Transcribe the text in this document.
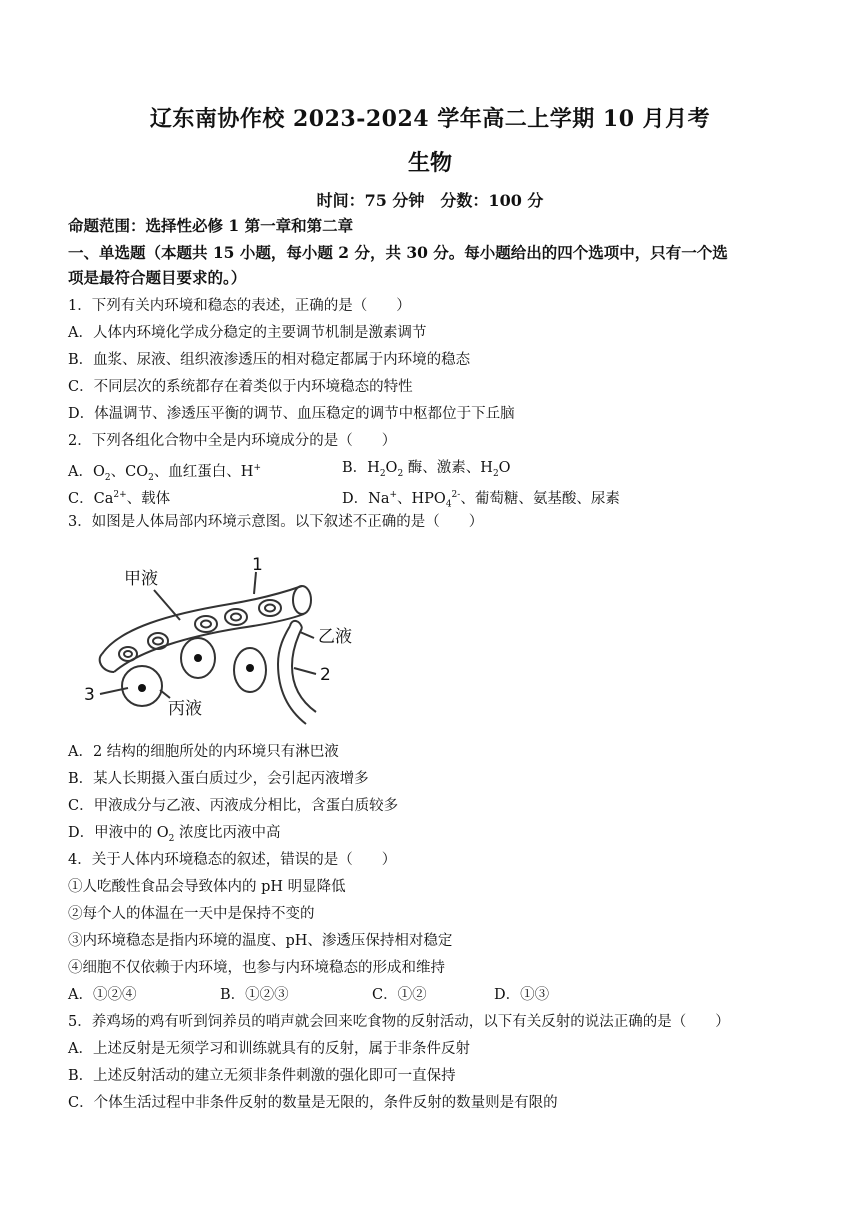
辽东南协作校 2023-2024 学年高二上学期 10 月月考
生物
时间：75 分钟　分数：100 分
命题范围：选择性必修 1 第一章和第二章
一、单选题（本题共 15 小题，每小题 2 分，共 30 分。每小题给出的四个选项中，只有一个选
项是最符合题目要求的。）
1．下列有关内环境和稳态的表述，正确的是（　　）
A．人体内环境化学成分稳定的主要调节机制是激素调节
B．血浆、尿液、组织液渗透压的相对稳定都属于内环境的稳态
C．不同层次的系统都存在着类似于内环境稳态的特性
D．体温调节、渗透压平衡的调节、血压稳定的调节中枢都位于下丘脑
2．下列各组化合物中全是内环境成分的是（　　）
A．$O_2$、$CO_2$、血红蛋白、H+	B．$H_2O_2$ 酶、激素、$H_2O$
C．$Ca^{2+}$、载体	D．Na+、$HPO_4^{2-}$、葡萄糖、氨基酸、尿素
3．如图是人体局部内环境示意图。以下叙述不正确的是（　　）
甲液
1
乙液
2
3
丙液
A．2 结构的细胞所处的内环境只有淋巴液
B．某人长期摄入蛋白质过少，会引起丙液增多
C．甲液成分与乙液、丙液成分相比，含蛋白质较多
D．甲液中的 $O_2$ 浓度比丙液中高
4．关于人体内环境稳态的叙述，错误的是（　　）
①人吃酸性食品会导致体内的 pH 明显降低
②每个人的体温在一天中是保持不变的
③内环境稳态是指内环境的温度、pH、渗透压保持相对稳定
④细胞不仅依赖于内环境，也参与内环境稳态的形成和维持
A．①②④	B．①②③	C．①②	D．①③
5．养鸡场的鸡有听到饲养员的哨声就会回来吃食物的反射活动，以下有关反射的说法正确的是（　　）
A．上述反射是无须学习和训练就具有的反射，属于非条件反射
B．上述反射活动的建立无须非条件刺激的强化即可一直保持
C．个体生活过程中非条件反射的数量是无限的，条件反射的数量则是有限的
